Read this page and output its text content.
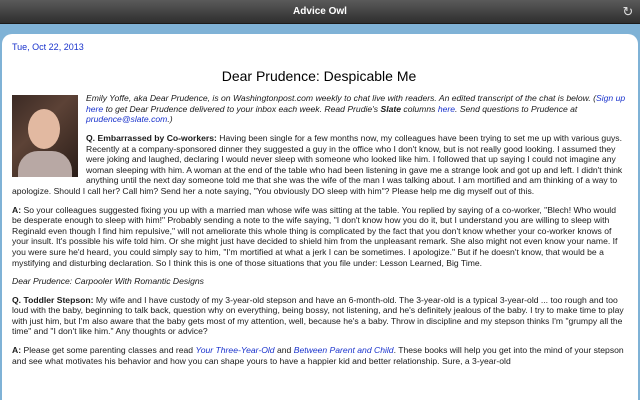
Advice Owl	↻
Tue, Oct 22, 2013
Dear Prudence: Despicable Me

Emily Yoffe, aka Dear Prudence, is on Washingtonpost.com weekly to chat live with readers. An edited transcript of the chat is below. (Sign up here to get Dear Prudence delivered to your inbox each week. Read Prudie's Slate columns here. Send questions to Prudence at prudence@slate.com.)

Q. Embarrassed by Co-workers: Having been single for a few months now, my colleagues have been trying to set me up with various guys. Recently at a company-sponsored dinner they suggested a guy in the office who I don't know, but is not really good looking. I assumed they were joking and laughed, declaring I would never sleep with someone who looked like him. I followed that up saying I could not imagine any woman sleeping with him. A woman at the end of the table who had been listening in gave me a strange look and got up and left. I didn't think anything until the next day someone told me that she was the wife of the man I was talking about. I am mortified and am thinking of a way to apologize. Should I call her? Call him? Send her a note saying, "You obviously DO sleep with him"? Please help me dig myself out of this.

A: So your colleagues suggested fixing you up with a married man whose wife was sitting at the table. You replied by saying of a co-worker, "Blech! Who would be desperate enough to sleep with him!" Probably sending a note to the wife saying, "I don't know how you do it, but I understand you are willing to sleep with Reginald even though I find him repulsive," will not ameliorate this whole thing is complicated by the fact that you don't know whether your co-worker knows of your insult. It's possible his wife told him. Or she might just have decided to shield him from the unpleasant remark. She also might not even know your name. If you were sure he'd heard, you could simply say to him, "I'm mortified at what a jerk I can be sometimes. I apologize." But if he doesn't know, that would be a mystifying and disturbing declaration. So I think this is one of those situations that you file under: Lesson Learned, Big Time.

Dear Prudence: Carpooler With Romantic Designs

Q. Toddler Stepson: My wife and I have custody of my 3-year-old stepson and have an 6-month-old. The 3-year-old is a typical 3-year-old ... too rough and too loud with the baby, beginning to talk back, question why on everything, being bossy, not listening, and he's definitely jealous of the baby. I try to make time to play with just him, but I'm also aware that the baby gets most of my attention, well, because he's a baby. Throw in discipline and my stepson thinks I'm "grumpy all the time" and "I don't like him." Any thoughts or advice?

A: Please get some parenting classes and read Your Three-Year-Old and Between Parent and Child. These books will help you get into the mind of your stepson and see what motivates his behavior and how you can shape yours to have a happier kid and better relationship. Sure, a 3-year-old
